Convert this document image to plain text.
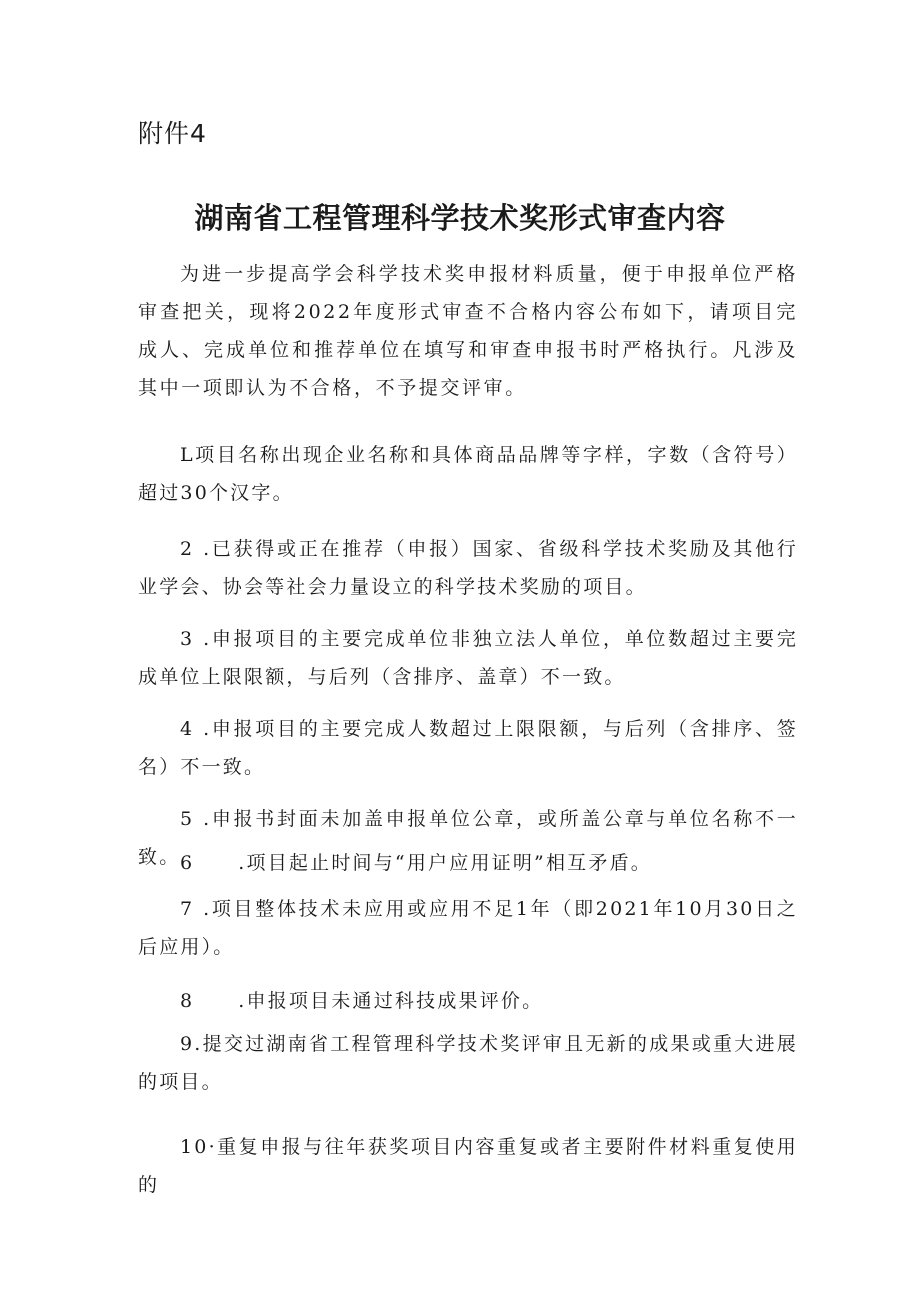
附件4
湖南省工程管理科学技术奖形式审查内容

为进一步提高学会科学技术奖申报材料质量，便于申报单位严格审查把关，现将2022年度形式审查不合格内容公布如下，请项目完成人、完成单位和推荐单位在填写和审查申报书时严格执行。凡涉及其中一项即认为不合格，不予提交评审。

L项目名称出现企业名称和具体商品品牌等字样，字数（含符号）超过30个汉字。

2 .已获得或正在推荐（申报）国家、省级科学技术奖励及其他行业学会、协会等社会力量设立的科学技术奖励的项目。

3 .申报项目的主要完成单位非独立法人单位，单位数超过主要完成单位上限限额，与后列（含排序、盖章）不一致。

4 .申报项目的主要完成人数超过上限限额，与后列（含排序、签名）不一致。

5 .申报书封面未加盖申报单位公章，或所盖公章与单位名称不一致。 6 .项目起止时间与“用户应用证明”相互矛盾。

7 .项目整体技术未应用或应用不足1年（即2021年10月30日之后应用）。

8 .申报项目未通过科技成果评价。

9.提交过湖南省工程管理科学技术奖评审且无新的成果或重大进展的项目。

10·重复申报与往年获奖项目内容重复或者主要附件材料重复使用的
